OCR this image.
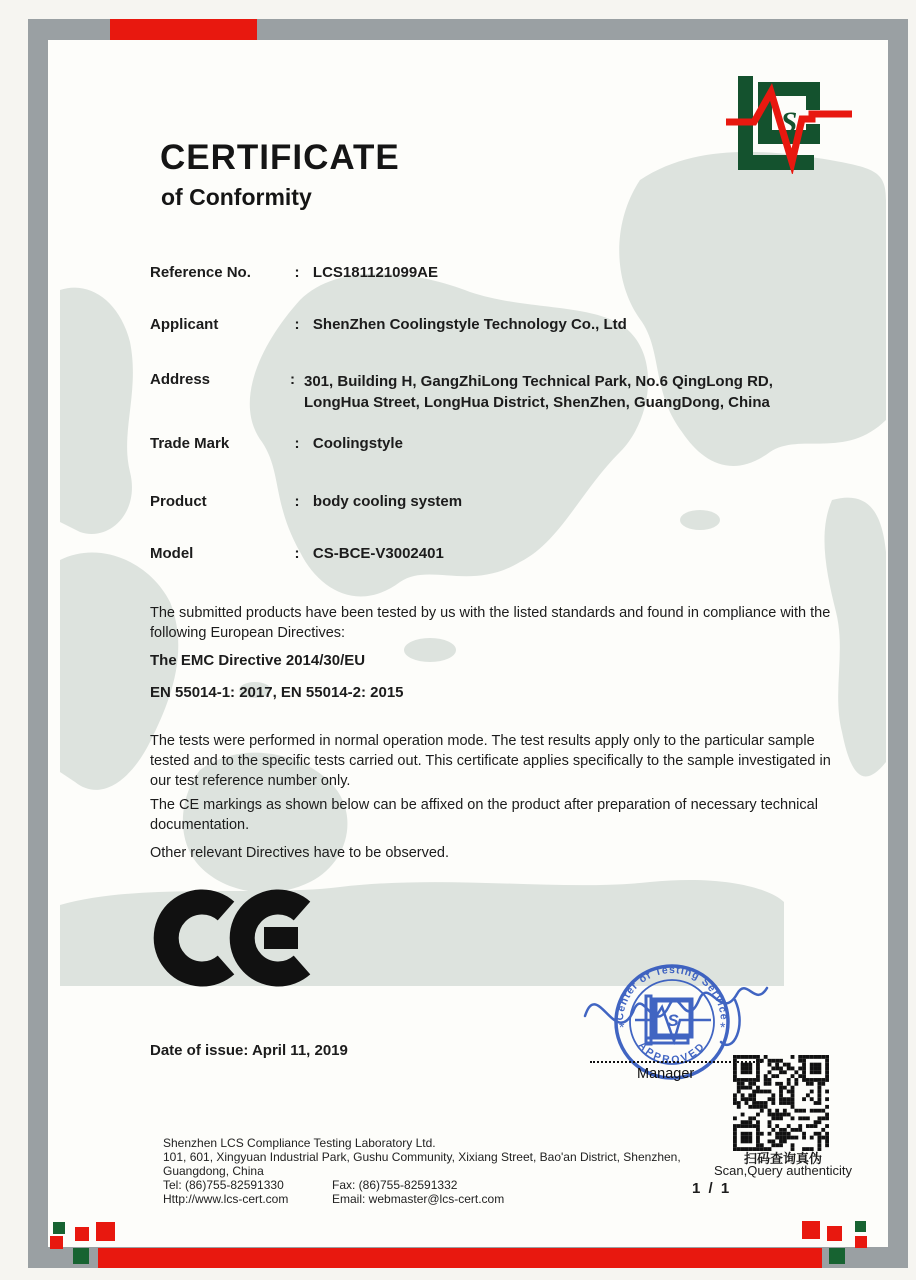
S
CERTIFICATE
of Conformity
Reference No.	: LCS181121099AE
Applicant	: ShenZhen Coolingstyle Technology Co., Ltd
Address	: 301, Building H, GangZhiLong Technical Park, No.6 QingLong RD, LongHua Street, LongHua District, ShenZhen, GuangDong, China
Trade Mark	: Coolingstyle
Product	: body cooling system
Model	: CS-BCE-V3002401
The submitted products have been tested by us with the listed standards and found in compliance with the following European Directives:
The EMC Directive 2014/30/EU
EN 55014-1: 2017, EN 55014-2: 2015
The tests were performed in normal operation mode. The test results apply only to the particular sample tested and to the specific tests carried out. This certificate applies specifically to the sample investigated in our test reference number only.
The CE markings as shown below can be affixed on the product after preparation of necessary technical documentation.
Other relevant Directives have to be observed.
Date of issue: April 11, 2019
Center of Testing Service
APPROVED
*	*
S
Manager
扫码查询真伪
Scan,Query authenticity
1 / 1
Shenzhen LCS Compliance Testing Laboratory Ltd.
101, 601, Xingyuan Industrial Park, Gushu Community, Xixiang Street, Bao'an District, Shenzhen,
Guangdong, China
Tel: (86)755-82591330	Fax: (86)755-82591332
Http://www.lcs-cert.com	Email: webmaster@lcs-cert.com
